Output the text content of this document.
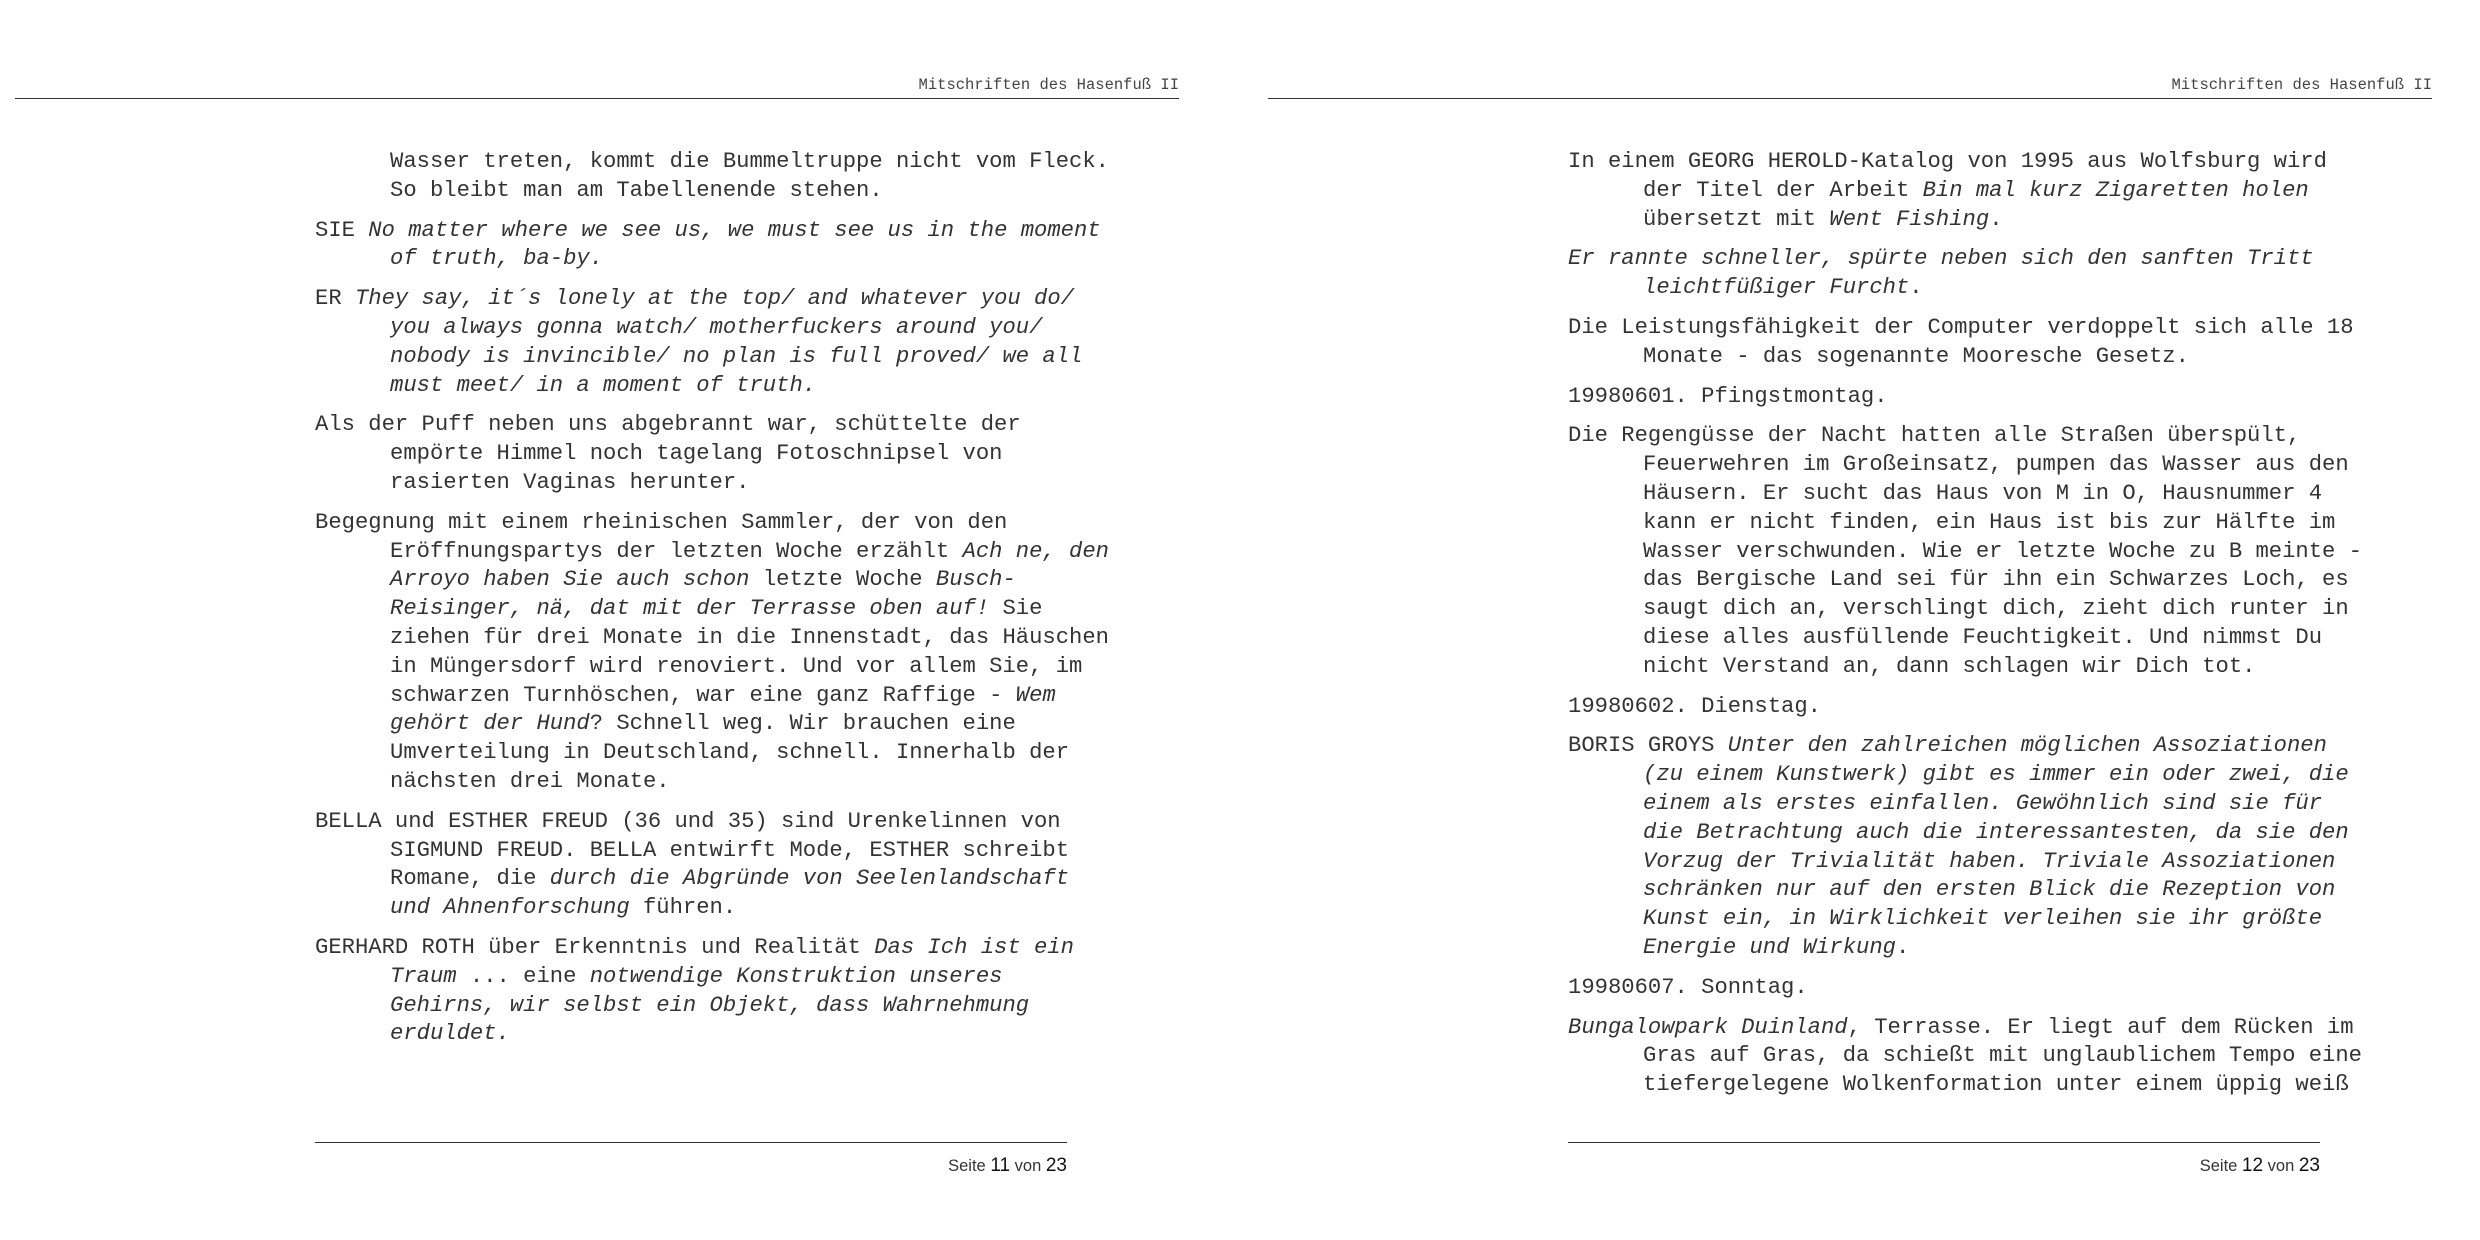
Mitschriften des Hasenfuß II

Wasser treten, kommt die Bummeltruppe nicht vom Fleck.
So bleibt man am Tabellenende stehen.

SIE No matter where we see us, we must see us in the moment
of truth, ba-by.

ER They say, it´s lonely at the top/ and whatever you do/
you always gonna watch/ motherfuckers around you/
nobody is invincible/ no plan is full proved/ we all
must meet/ in a moment of truth.

Als der Puff neben uns abgebrannt war, schüttelte der
empörte Himmel noch tagelang Fotoschnipsel von
rasierten Vaginas herunter.

Begegnung mit einem rheinischen Sammler, der von den
Eröffnungspartys der letzten Woche erzählt Ach ne, den
Arroyo haben Sie auch schon letzte Woche Busch-
Reisinger, nä, dat mit der Terrasse oben auf! Sie
ziehen für drei Monate in die Innenstadt, das Häuschen
in Müngersdorf wird renoviert. Und vor allem Sie, im
schwarzen Turnhöschen, war eine ganz Raffige - Wem
gehört der Hund? Schnell weg. Wir brauchen eine
Umverteilung in Deutschland, schnell. Innerhalb der
nächsten drei Monate.

BELLA und ESTHER FREUD (36 und 35) sind Urenkelinnen von
SIGMUND FREUD. BELLA entwirft Mode, ESTHER schreibt
Romane, die durch die Abgründe von Seelenlandschaft
und Ahnenforschung führen.

GERHARD ROTH über Erkenntnis und Realität Das Ich ist ein
Traum ... eine notwendige Konstruktion unseres
Gehirns, wir selbst ein Objekt, dass Wahrnehmung
erduldet.

Seite 11 von 23
Mitschriften des Hasenfuß II

In einem GEORG HEROLD-Katalog von 1995 aus Wolfsburg wird
der Titel der Arbeit Bin mal kurz Zigaretten holen
übersetzt mit Went Fishing.

Er rannte schneller, spürte neben sich den sanften Tritt
leichtfüßiger Furcht.

Die Leistungsfähigkeit der Computer verdoppelt sich alle 18
Monate - das sogenannte Mooresche Gesetz.

19980601. Pfingstmontag.

Die Regengüsse der Nacht hatten alle Straßen überspült,
Feuerwehren im Großeinsatz, pumpen das Wasser aus den
Häusern. Er sucht das Haus von M in O, Hausnummer 4
kann er nicht finden, ein Haus ist bis zur Hälfte im
Wasser verschwunden. Wie er letzte Woche zu B meinte -
das Bergische Land sei für ihn ein Schwarzes Loch, es
saugt dich an, verschlingt dich, zieht dich runter in
diese alles ausfüllende Feuchtigkeit. Und nimmst Du
nicht Verstand an, dann schlagen wir Dich tot.

19980602. Dienstag.

BORIS GROYS Unter den zahlreichen möglichen Assoziationen
(zu einem Kunstwerk) gibt es immer ein oder zwei, die
einem als erstes einfallen. Gewöhnlich sind sie für
die Betrachtung auch die interessantesten, da sie den
Vorzug der Trivialität haben. Triviale Assoziationen
schränken nur auf den ersten Blick die Rezeption von
Kunst ein, in Wirklichkeit verleihen sie ihr größte
Energie und Wirkung.

19980607. Sonntag.

Bungalowpark Duinland, Terrasse. Er liegt auf dem Rücken im
Gras auf Gras, da schießt mit unglaublichem Tempo eine
tiefergelegene Wolkenformation unter einem üppig weiß

Seite 12 von 23
